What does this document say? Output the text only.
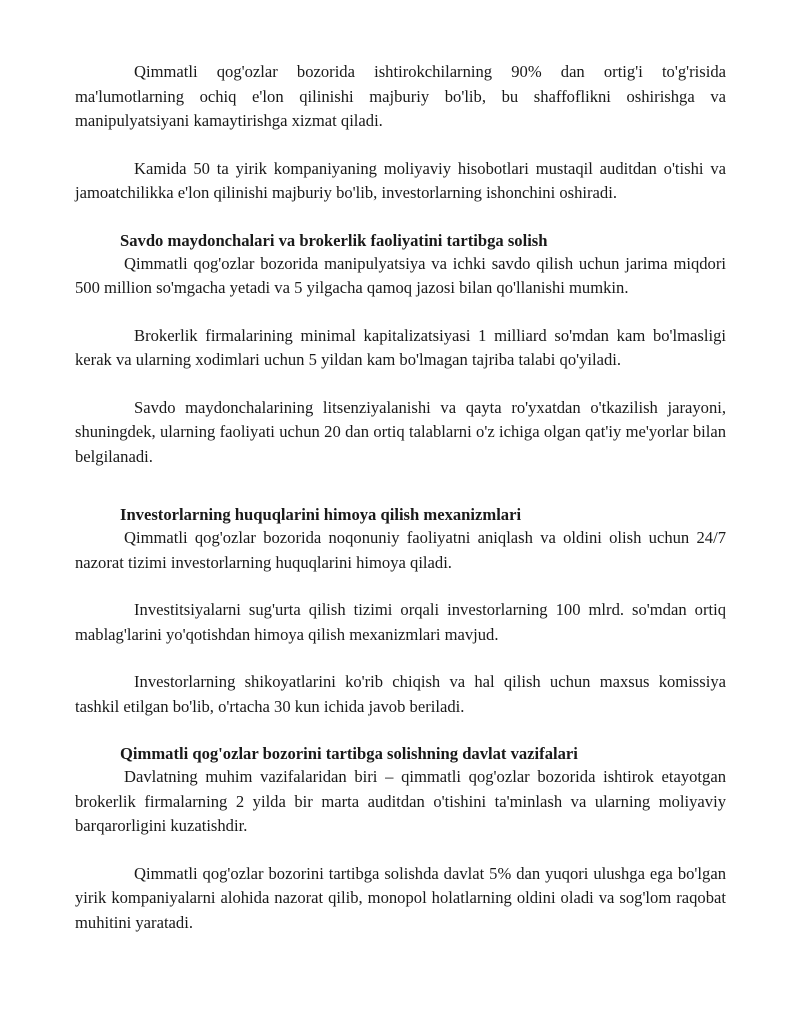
Qimmatli qog'ozlar bozorida ishtirokchilarning 90% dan ortig'i to'g'risida ma'lumotlarning ochiq e'lon qilinishi majburiy bo'lib, bu shaffoflikni oshirishga va manipulyatsiyani kamaytirishga xizmat qiladi.

Kamida 50 ta yirik kompaniyaning moliyaviy hisobotlari mustaqil auditdan o'tishi va jamoatchilikka e'lon qilinishi majburiy bo'lib, investorlarning ishonchini oshiradi.

Savdo maydonchalari va brokerlik faoliyatini tartibga solish

Qimmatli qog'ozlar bozorida manipulyatsiya va ichki savdo qilish uchun jarima miqdori 500 million so'mgacha yetadi va 5 yilgacha qamoq jazosi bilan qo'llanishi mumkin.

Brokerlik firmalarining minimal kapitalizatsiyasi 1 milliard so'mdan kam bo'lmasligi kerak va ularning xodimlari uchun 5 yildan kam bo'lmagan tajriba talabi qo'yiladi.

Savdo maydonchalarining litsenziyalanishi va qayta ro'yxatdan o'tkazilish jarayoni, shuningdek, ularning faoliyati uchun 20 dan ortiq talablarni o'z ichiga olgan qat'iy me'yorlar bilan belgilanadi.

Investorlarning huquqlarini himoya qilish mexanizmlari

Qimmatli qog'ozlar bozorida noqonuniy faoliyatni aniqlash va oldini olish uchun 24/7 nazorat tizimi investorlarning huquqlarini himoya qiladi.

Investitsiyalarni sug'urta qilish tizimi orqali investorlarning 100 mlrd. so'mdan ortiq mablag'larini yo'qotishdan himoya qilish mexanizmlari mavjud.

Investorlarning shikoyatlarini ko'rib chiqish va hal qilish uchun maxsus komissiya tashkil etilgan bo'lib, o'rtacha 30 kun ichida javob beriladi.

Qimmatli qog'ozlar bozorini tartibga solishning davlat vazifalari

Davlatning muhim vazifalaridan biri – qimmatli qog'ozlar bozorida ishtirok etayotgan brokerlik firmalarning 2 yilda bir marta auditdan o'tishini ta'minlash va ularning moliyaviy barqarorligini kuzatishdir.

Qimmatli qog'ozlar bozorini tartibga solishda davlat 5% dan yuqori ulushga ega bo'lgan yirik kompaniyalarni alohida nazorat qilib, monopol holatlarning oldini oladi va sog'lom raqobat muhitini yaratadi.
